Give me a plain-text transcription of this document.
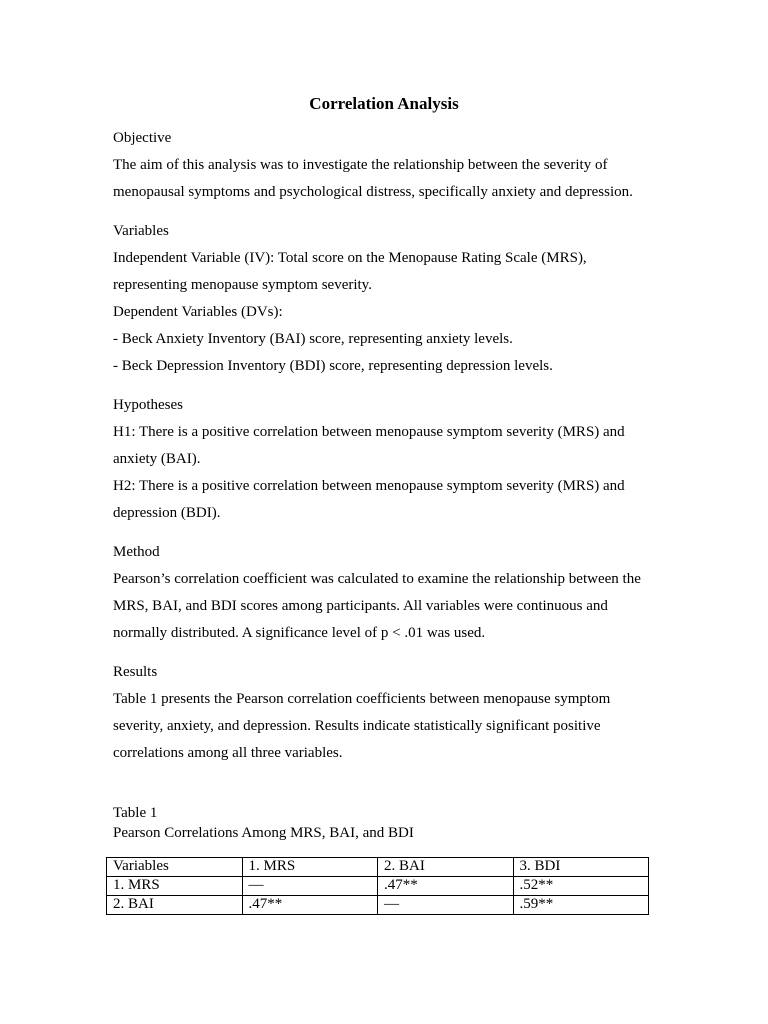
Correlation Analysis

Objective

The aim of this analysis was to investigate the relationship between the severity of

menopausal symptoms and psychological distress, specifically anxiety and depression.

Variables

Independent Variable (IV): Total score on the Menopause Rating Scale (MRS),

representing menopause symptom severity.

Dependent Variables (DVs):

- Beck Anxiety Inventory (BAI) score, representing anxiety levels.

- Beck Depression Inventory (BDI) score, representing depression levels.

Hypotheses

H1: There is a positive correlation between menopause symptom severity (MRS) and

anxiety (BAI).

H2: There is a positive correlation between menopause symptom severity (MRS) and

depression (BDI).

Method

Pearson’s correlation coefficient was calculated to examine the relationship between the

MRS, BAI, and BDI scores among participants. All variables were continuous and

normally distributed. A significance level of p < .01 was used.

Results

Table 1 presents the Pearson correlation coefficients between menopause symptom

severity, anxiety, and depression. Results indicate statistically significant positive

correlations among all three variables.

Table 1
Pearson Correlations Among MRS, BAI, and BDI
Variables	1. MRS	2. BAI	3. BDI
1. MRS	—	.47**	.52**
2. BAI	.47**	—	.59**
